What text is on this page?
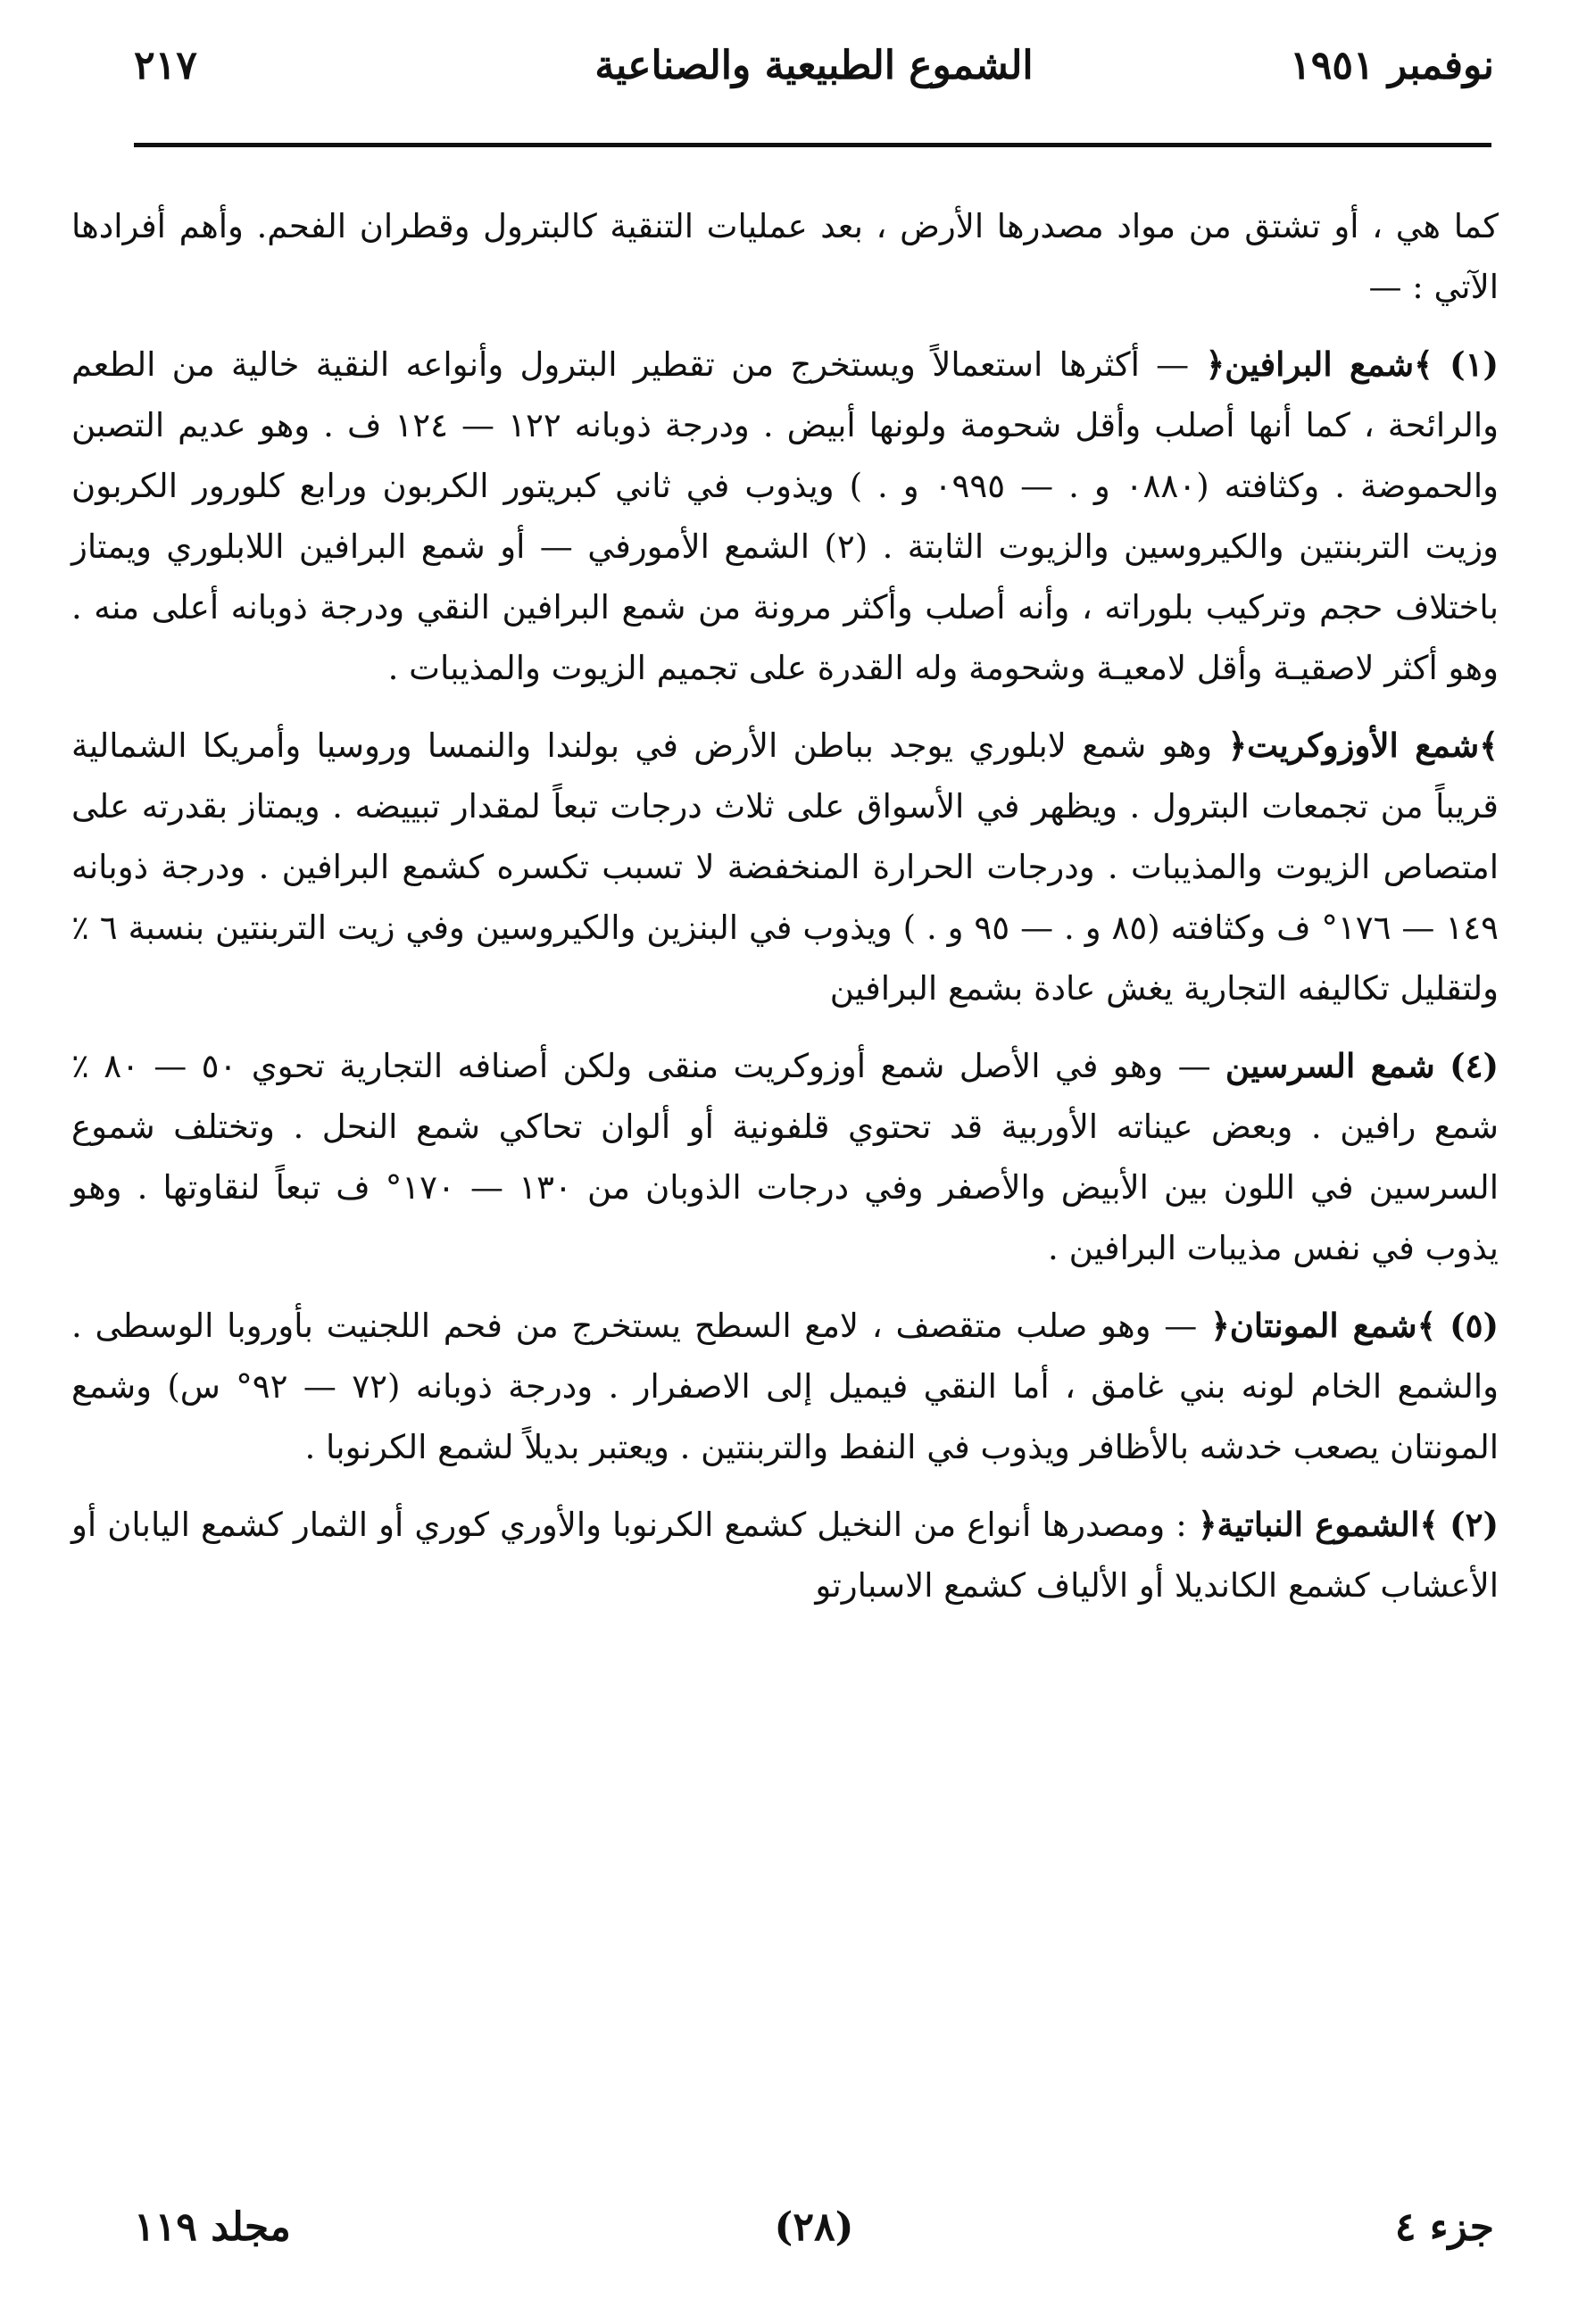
نوفمبر ١٩٥١
الشموع الطبيعية والصناعية
٢١٧

كما هي ، أو تشتق من مواد مصدرها الأرض ، بعد عمليات التنقية كالبترول وقطران الفحم. وأهم أفرادها الآتي : —

(١) ﴾شمع البرافين﴿ — أكثرها استعمالاً ويستخرج من تقطير البترول وأنواعه النقية خالية من الطعم والرائحة ، كما أنها أصلب وأقل شحومة ولونها أبيض . ودرجة ذوبانه ١٢٢ — ١٢٤ ف . وهو عديم التصبن والحموضة . وكثافته (٠٨٨٠ و . — ٠٩٩٥ و . ) ويذوب في ثاني كبريتور الكربون ورابع كلورور الكربون وزيت التربنتين والكيروسين والزيوت الثابتة . (٢) الشمع الأمورفي — أو شمع البرافين اللابلوري ويمتاز باختلاف حجم وتركيب بلوراته ، وأنه أصلب وأكثر مرونة من شمع البرافين النقي ودرجة ذوبانه أعلى منه . وهو أكثر لاصقيـة وأقل لامعيـة وشحومة وله القدرة على تجميم الزيوت والمذيبات .

﴾شمع الأوزوكريت﴿ وهو شمع لابلوري يوجد بباطن الأرض في بولندا والنمسا وروسيا وأمريكا الشمالية قريباً من تجمعات البترول . ويظهر في الأسواق على ثلاث درجات تبعاً لمقدار تبييضه . ويمتاز بقدرته على امتصاص الزيوت والمذيبات . ودرجات الحرارة المنخفضة لا تسبب تكسره كشمع البرافين . ودرجة ذوبانه ١٤٩ — ١٧٦° ف وكثافته (٨٥ و . — ٩٥ و . ) ويذوب في البنزين والكيروسين وفي زيت التربنتين بنسبة ٦ ٪ ولتقليل تكاليفه التجارية يغش عادة بشمع البرافين

(٤) شمع السرسين — وهو في الأصل شمع أوزوكريت منقى ولكن أصنافه التجارية تحوي ٥٠ — ٨٠ ٪ شمع رافين . وبعض عيناته الأوربية قد تحتوي قلفونية أو ألوان تحاكي شمع النحل . وتختلف شموع السرسين في اللون بين الأبيض والأصفر وفي درجات الذوبان من ١٣٠ — ١٧٠° ف تبعاً لنقاوتها . وهو يذوب في نفس مذيبات البرافين .

(٥) ﴾شمع المونتان﴿ — وهو صلب متقصف ، لامع السطح يستخرج من فحم اللجنيت بأوروبا الوسطى . والشمع الخام لونه بني غامق ، أما النقي فيميل إلى الاصفرار . ودرجة ذوبانه (٧٢ — ٩٢° س) وشمع المونتان يصعب خدشه بالأظافر ويذوب في النفط والتربنتين . ويعتبر بديلاً لشمع الكرنوبا .

(٢) ﴾الشموع النباتية﴿ : ومصدرها أنواع من النخيل كشمع الكرنوبا والأوري كوري أو الثمار كشمع اليابان أو الأعشاب كشمع الكانديلا أو الألياف كشمع الاسبارتو

جزء ٤
(٢٨)
مجلد ١١٩
